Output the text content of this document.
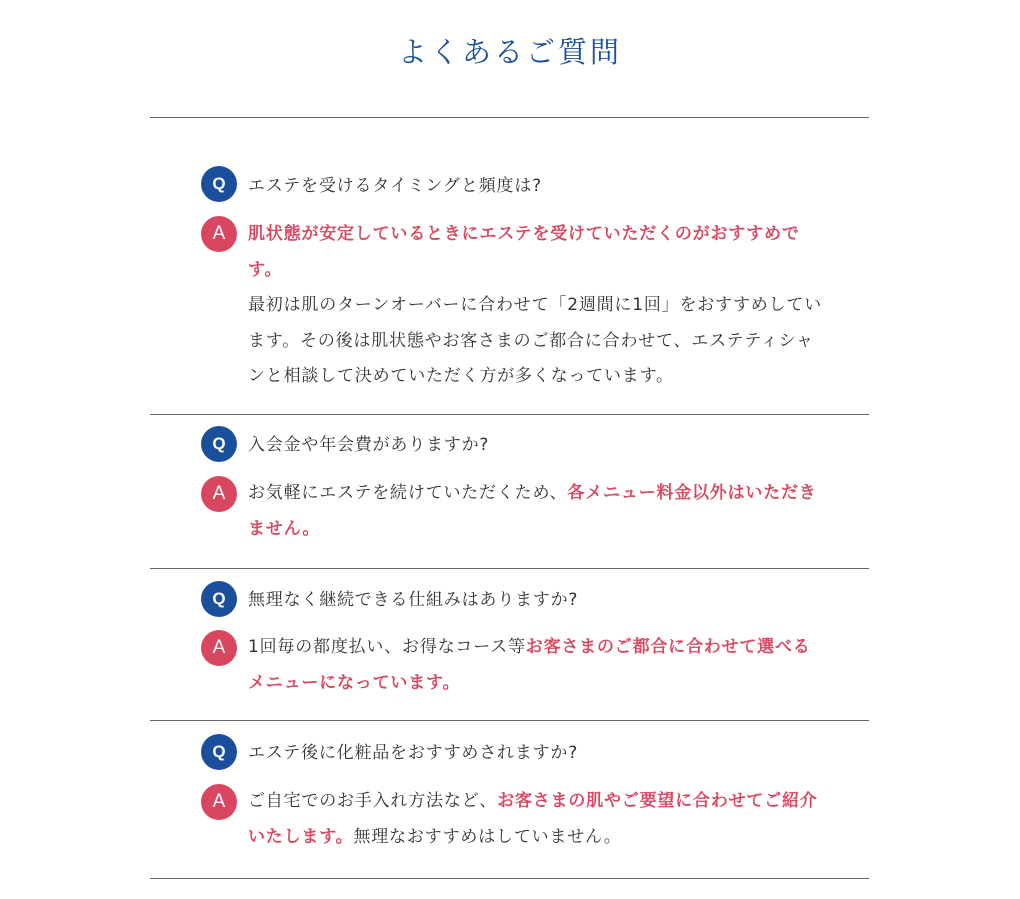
よくあるご質問
Q	エステを受けるタイミングと頻度は?
A	肌状態が安定しているときにエステを受けていただくのがおすすめです。
最初は肌のターンオーバーに合わせて「2週間に1回」をおすすめしています。その後は肌状態やお客さまのご都合に合わせて、エステティシャンと相談して決めていただく方が多くなっています。
Q	入会金や年会費がありますか?
A	お気軽にエステを続けていただくため、各メニュー料金以外はいただきません。
Q	無理なく継続できる仕組みはありますか?
A	1回毎の都度払い、お得なコース等お客さまのご都合に合わせて選べるメニューになっています。
Q	エステ後に化粧品をおすすめされますか?
A	ご自宅でのお手入れ方法など、お客さまの肌やご要望に合わせてご紹介いたします。無理なおすすめはしていません。
